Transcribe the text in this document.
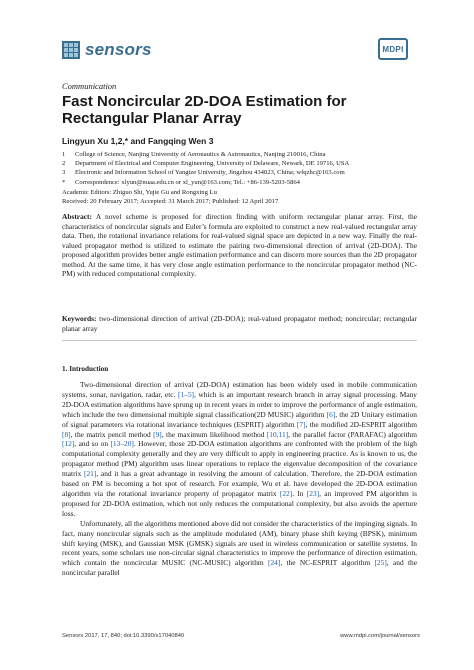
sensors	MDPI
Communication
Fast Noncircular 2D-DOA Estimation for Rectangular Planar Array
Lingyun Xu 1,2,* and Fangqing Wen 3
1	College of Science, Nanjing University of Aeronautics & Astronautics, Nanjing 210016, China
2	Department of Electrical and Computer Engineering, University of Delaware, Newark, DE 19716, USA
3	Electronic and Information School of Yangtze University, Jingzhou 434023, China; wfqzhc@163.com
*	Correspondence: xlyun@nuaa.edu.cn or xl_yun@163.com; Tel.: +86-139-5203-5864
Academic Editors: Zhiguo Shi, Yujie Gu and Rongxing Lu
Received: 20 February 2017; Accepted: 31 March 2017; Published: 12 April 2017
Abstract: A novel scheme is proposed for direction finding with uniform rectangular planar array. First, the characteristics of noncircular signals and Euler’s formula are exploited to construct a new real-valued rectangular array data. Then, the rotational invariance relations for real-valued signal space are depicted in a new way. Finally the real-valued propagator method is utilized to estimate the pairing two-dimensional direction of arrival (2D-DOA). The proposed algorithm provides better angle estimation performance and can discern more sources than the 2D propagator method. At the same time, it has very close angle estimation performance to the noncircular propagator method (NC-PM) with reduced computational complexity.
Keywords: two-dimensional direction of arrival (2D-DOA); real-valued propagator method; noncircular; rectangular planar array
1. Introduction

Two-dimensional direction of arrival (2D-DOA) estimation has been widely used in mobile communication systems, sonar, navigation, radar, etc. [1–5], which is an important research branch in array signal processing. Many 2D-DOA estimation algorithms have sprung up in recent years in order to improve the performance of angle estimation, which include the two dimensional multiple signal classification(2D MUSIC) algorithm [6], the 2D Unitary estimation of signal parameters via rotational invariance techniques (ESPRIT) algorithm [7], the modified 2D-ESPRIT algorithm [8], the matrix pencil method [9], the maximum likelihood method [10,11], the parallel factor (PARAFAC) algorithm [12], and so on [13–20]. However, those 2D-DOA estimation algorithms are confronted with the problem of the high computational complexity generally and they are very difficult to apply in engineering practice. As is known to us, the propagator method (PM) algorithm uses linear operations to replace the eigenvalue decomposition of the covariance matrix [21], and it has a great advantage in resolving the amount of calculation. Therefore, the 2D-DOA estimation based on PM is becoming a hot spot of research. For example, Wu et al. have developed the 2D-DOA estimation algorithm via the rotational invariance property of propagator matrix [22]. In [23], an improved PM algorithm is proposed for 2D-DOA estimation, which not only reduces the computational complexity, but also avoids the aperture loss.

Unfortunately, all the algorithms mentioned above did not consider the characteristics of the impinging signals. In fact, many noncircular signals such as the amplitude modulated (AM), binary phase shift keying (BPSK), minimum shift keying (MSK), and Gaussian MSK (GMSK) signals are used in wireless communication or satellite systems. In recent years, some scholars use non-circular signal characteristics to improve the performance of direction estimation, which contain the noncircular MUSIC (NC-MUSIC) algorithm [24], the NC-ESPRIT algorithm [25], and the noncircular parallel

Sensors 2017, 17, 840; doi:10.3390/s17040840	www.mdpi.com/journal/sensors
